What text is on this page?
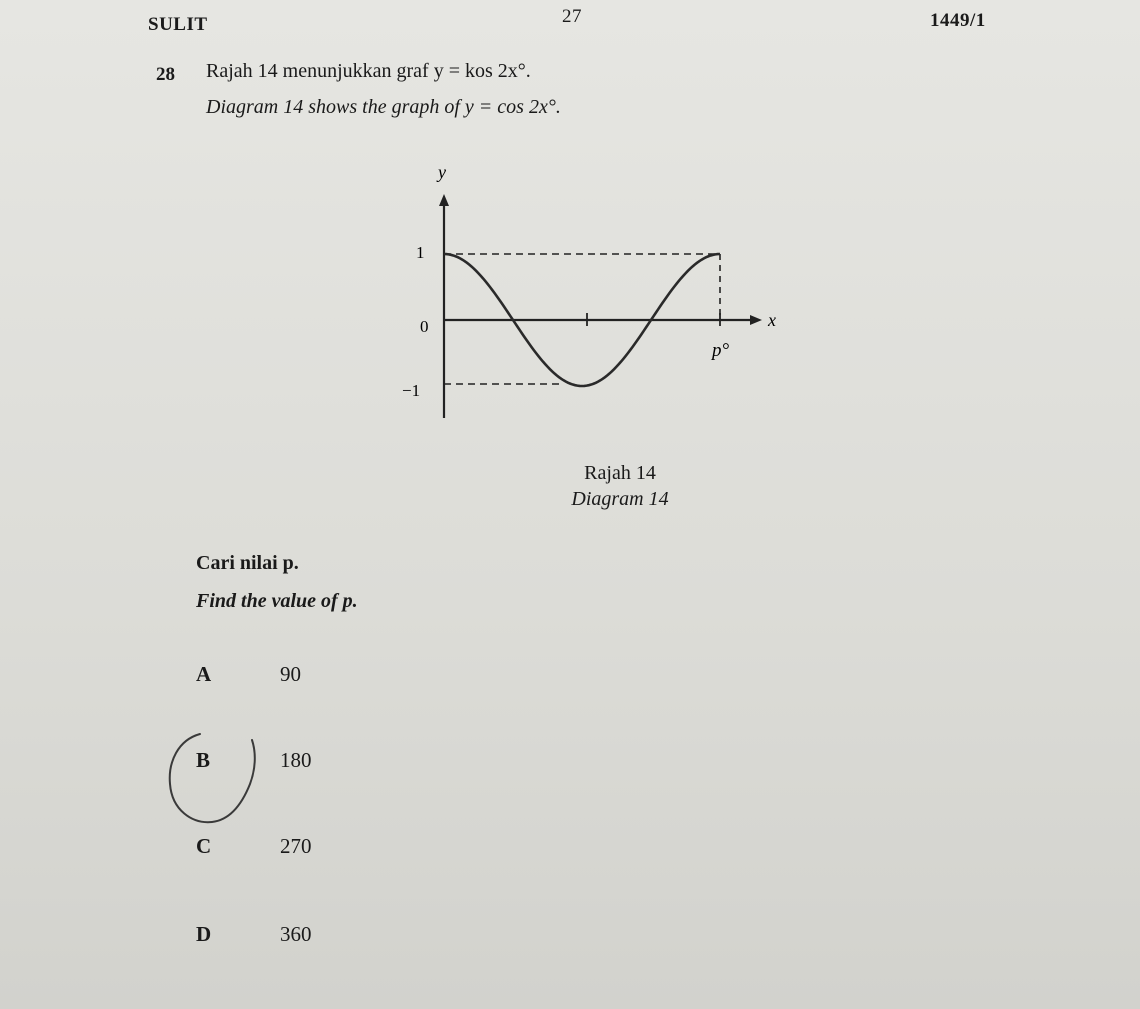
SULIT	27	1449/1
28 Rajah 14 menunjukkan graf y = kos 2x°.
Diagram 14 shows the graph of y = cos 2x°.
y
x
1
0
−1
p°
Rajah 14
Diagram 14
Cari nilai p.
Find the value of p.
A	90
B	180
C	270
D	360
